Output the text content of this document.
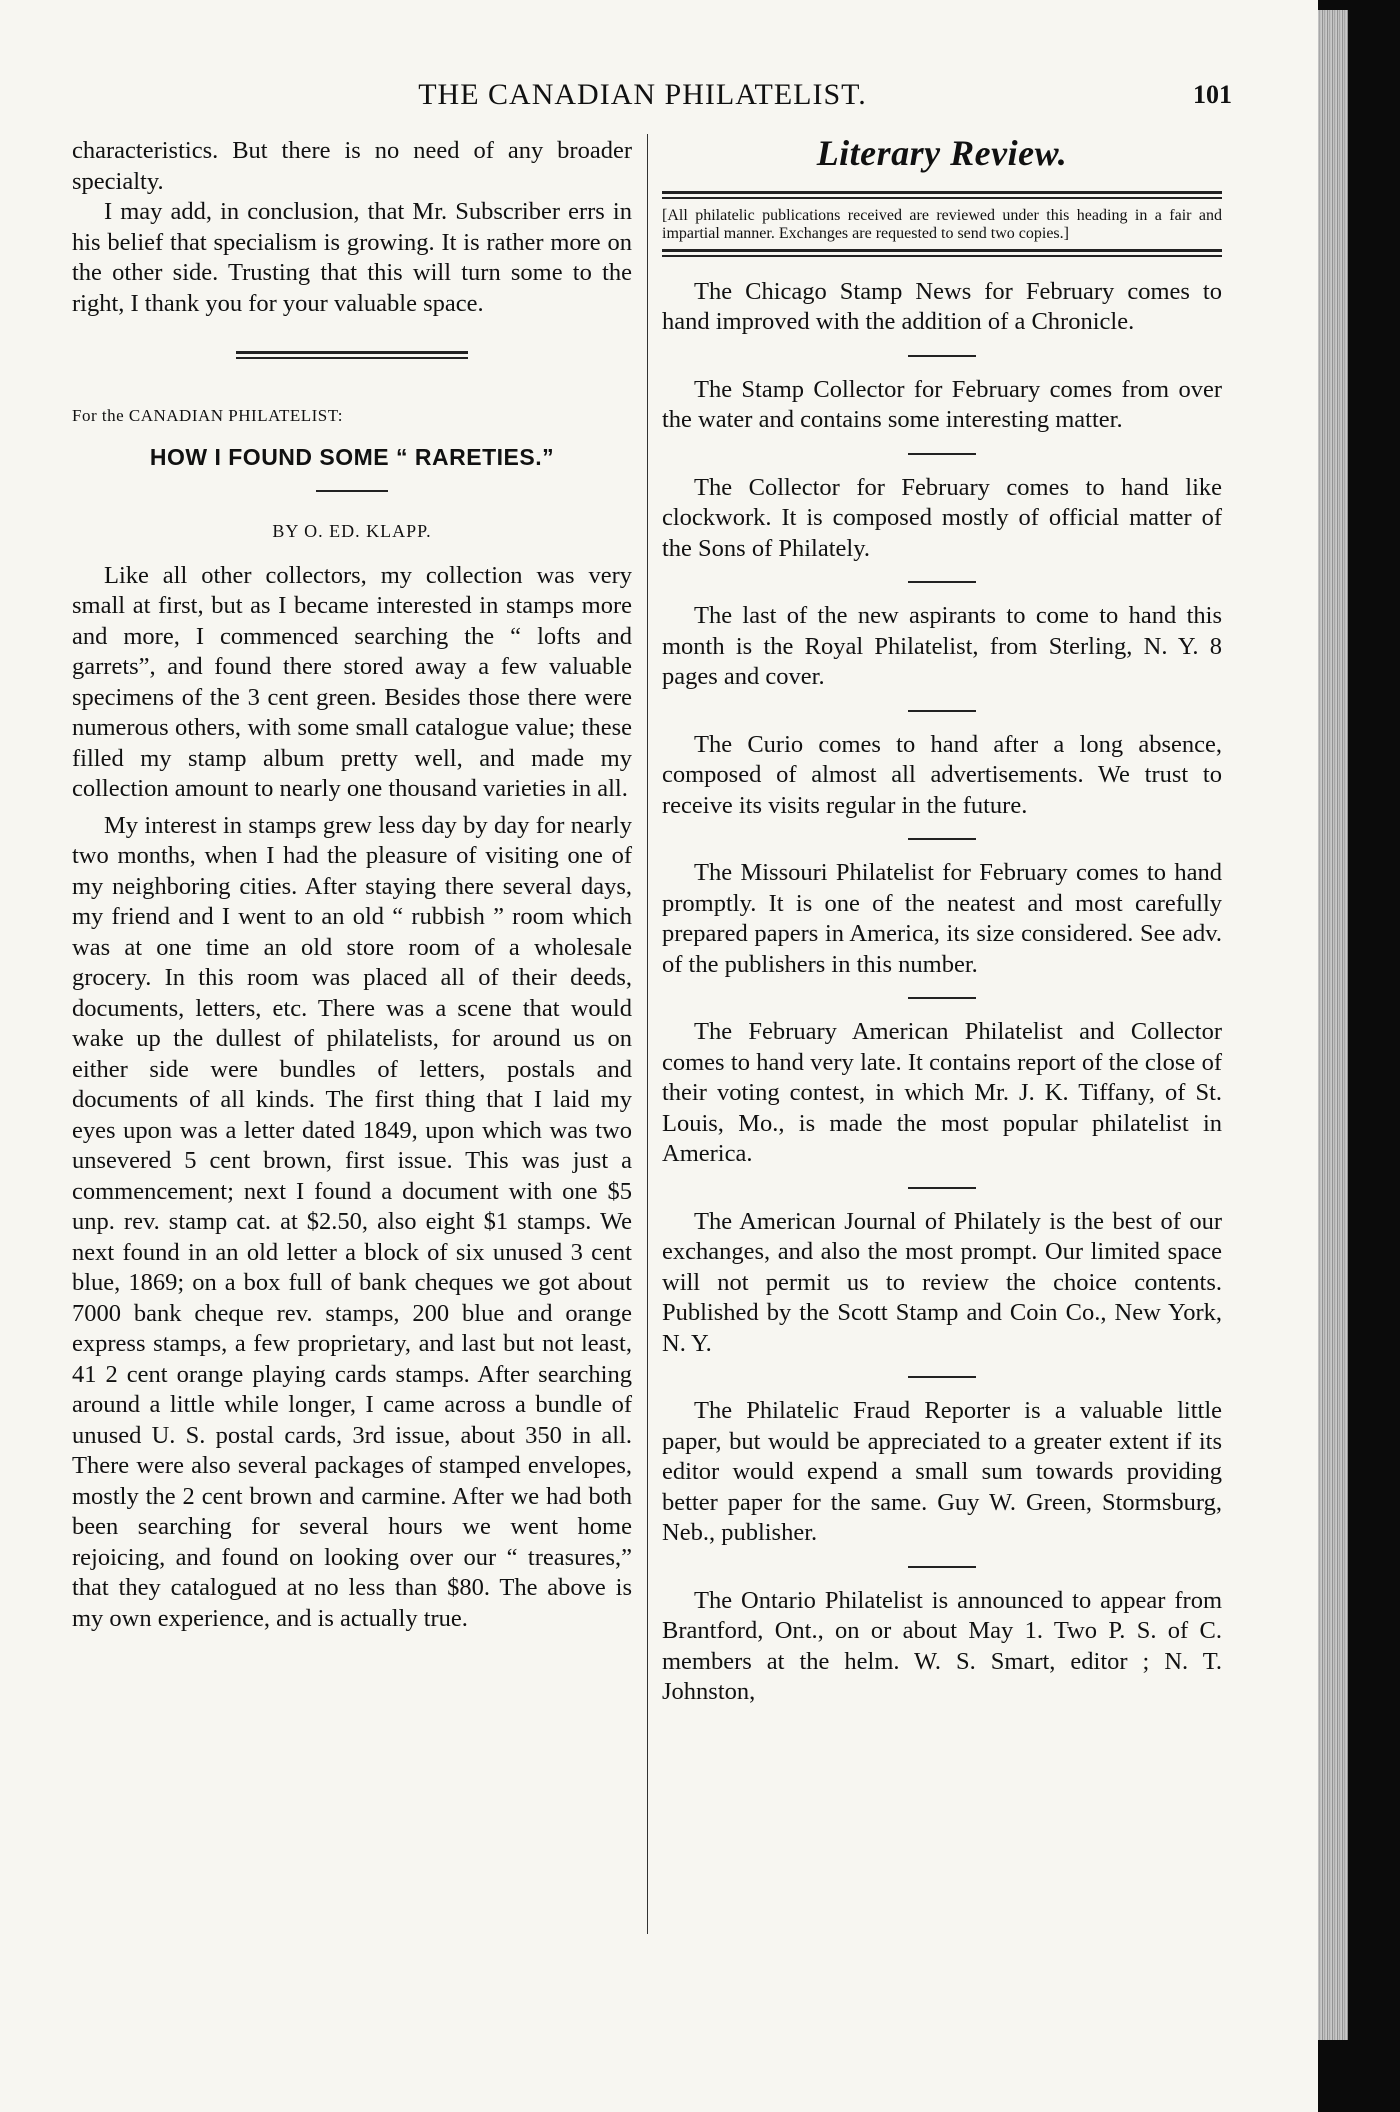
THE CANADIAN PHILATELIST.	101

characteristics. But there is no need of any broader specialty.

I may add, in conclusion, that Mr. Subscriber errs in his belief that specialism is growing. It is rather more on the other side. Trusting that this will turn some to the right, I thank you for your valuable space.

For the CANADIAN PHILATELIST:
HOW I FOUND SOME “ RARETIES.”
BY O. ED. KLAPP.

Like all other collectors, my collection was very small at first, but as I became interested in stamps more and more, I commenced searching the “ lofts and garrets”, and found there stored away a few valuable specimens of the 3 cent green. Besides those there were numerous others, with some small catalogue value; these filled my stamp album pretty well, and made my collection amount to nearly one thousand varieties in all.

My interest in stamps grew less day by day for nearly two months, when I had the pleasure of visiting one of my neighboring cities. After staying there several days, my friend and I went to an old “ rubbish ” room which was at one time an old store room of a wholesale grocery. In this room was placed all of their deeds, documents, letters, etc. There was a scene that would wake up the dullest of philatelists, for around us on either side were bundles of letters, postals and documents of all kinds. The first thing that I laid my eyes upon was a letter dated 1849, upon which was two unsevered 5 cent brown, first issue. This was just a commencement; next I found a document with one $5 unp. rev. stamp cat. at $2.50, also eight $1 stamps. We next found in an old letter a block of six unused 3 cent blue, 1869; on a box full of bank cheques we got about 7000 bank cheque rev. stamps, 200 blue and orange express stamps, a few proprietary, and last but not least, 41 2 cent orange playing cards stamps. After searching around a little while longer, I came across a bundle of unused U. S. postal cards, 3rd issue, about 350 in all. There were also several packages of stamped envelopes, mostly the 2 cent brown and carmine. After we had both been searching for several hours we went home rejoicing, and found on looking over our “ treasures,” that they catalogued at no less than $80. The above is my own experience, and is actually true.

Literary Review.
[All philatelic publications received are reviewed under this heading in a fair and impartial manner. Exchanges are requested to send two copies.]

The Chicago Stamp News for February comes to hand improved with the addition of a Chronicle.

The Stamp Collector for February comes from over the water and contains some interesting matter.

The Collector for February comes to hand like clockwork. It is composed mostly of official matter of the Sons of Philately.

The last of the new aspirants to come to hand this month is the Royal Philatelist, from Sterling, N. Y. 8 pages and cover.

The Curio comes to hand after a long absence, composed of almost all advertisements. We trust to receive its visits regular in the future.

The Missouri Philatelist for February comes to hand promptly. It is one of the neatest and most carefully prepared papers in America, its size considered. See adv. of the publishers in this number.

The February American Philatelist and Collector comes to hand very late. It contains report of the close of their voting contest, in which Mr. J. K. Tiffany, of St. Louis, Mo., is made the most popular philatelist in America.

The American Journal of Philately is the best of our exchanges, and also the most prompt. Our limited space will not permit us to review the choice contents. Published by the Scott Stamp and Coin Co., New York, N. Y.

The Philatelic Fraud Reporter is a valuable little paper, but would be appreciated to a greater extent if its editor would expend a small sum towards providing better paper for the same. Guy W. Green, Stormsburg, Neb., publisher.

The Ontario Philatelist is announced to appear from Brantford, Ont., on or about May 1. Two P. S. of C. members at the helm. W. S. Smart, editor ; N. T. Johnston,
